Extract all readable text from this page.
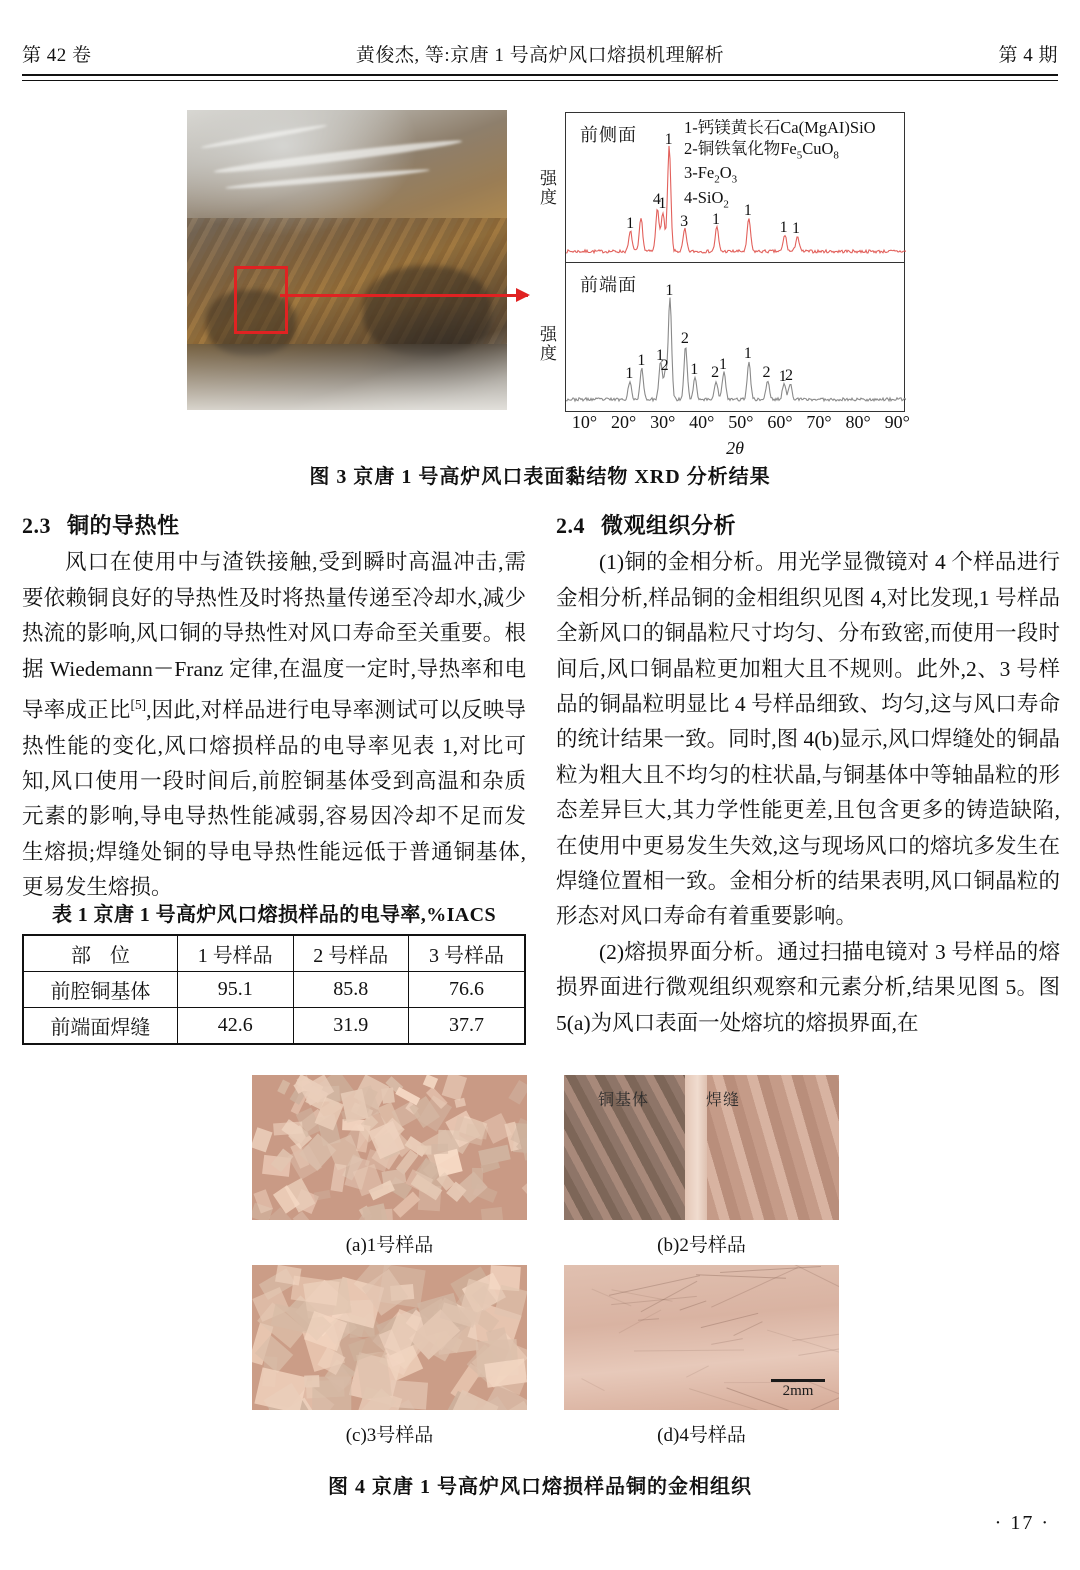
第 42 卷	黄俊杰, 等:京唐 1 号高炉风口熔损机理解析	第 4 期
强度
强度
前侧面	1-钙镁黄长石Ca(MgAI)SiO
2-铜铁氧化物$Fe_5CuO_8$
$3-Fe_2O_3$
4-SiO$_2$
1
4
1
1
3 1
1
1 1
前端面
1
1 1
2
1
2
1 2
1
1
2 1
2
10° 20° 30° 40° 50° 60° 70° 80° 90°
2θ
图 3 京唐 1 号高炉风口表面黏结物 XRD 分析结果
2.3 铜的导热性

风口在使用中与渣铁接触,受到瞬时高温冲击,需要依赖铜良好的导热性及时将热量传递至冷却水,减少热流的影响,风口铜的导热性对风口寿命至关重要。根据 Wiedemann－Franz 定律,在温度一定时,导热率和电导率成正比[5],因此,对样品进行电导率测试可以反映导热性能的变化,风口熔损样品的电导率见表 1,对比可知,风口使用一段时间后,前腔铜基体受到高温和杂质元素的影响,导电导热性能减弱,容易因冷却不足而发生熔损;焊缝处铜的导电导热性能远低于普通铜基体,更易发生熔损。

表 1 京唐 1 号高炉风口熔损样品的电导率,%IACS
部 位	1 号样品	2 号样品	3 号样品
前腔铜基体	95.1	85.8	76.6
前端面焊缝	42.6	31.9	37.7
2.4 微观组织分析

(1)铜的金相分析。用光学显微镜对 4 个样品进行金相分析,样品铜的金相组织见图 4,对比发现,1 号样品全新风口的铜晶粒尺寸均匀、分布致密,而使用一段时间后,风口铜晶粒更加粗大且不规则。此外,2、3 号样品的铜晶粒明显比 4 号样品细致、均匀,这与风口寿命的统计结果一致。同时,图 4(b)显示,风口焊缝处的铜晶粒为粗大且不均匀的柱状晶,与铜基体中等轴晶粒的形态差异巨大,其力学性能更差,且包含更多的铸造缺陷,在使用中更易发生失效,这与现场风口的熔坑多发生在焊缝位置相一致。金相分析的结果表明,风口铜晶粒的形态对风口寿命有着重要影响。

(2)熔损界面分析。通过扫描电镜对 3 号样品的熔损界面进行微观组织观察和元素分析,结果见图 5。图 5(a)为风口表面一处熔坑的熔损界面,在

(a)1号样品
铜基体	焊缝
(b)2号样品
(c)3号样品
2mm
(d)4号样品
图 4 京唐 1 号高炉风口熔损样品铜的金相组织
· 17 ·
